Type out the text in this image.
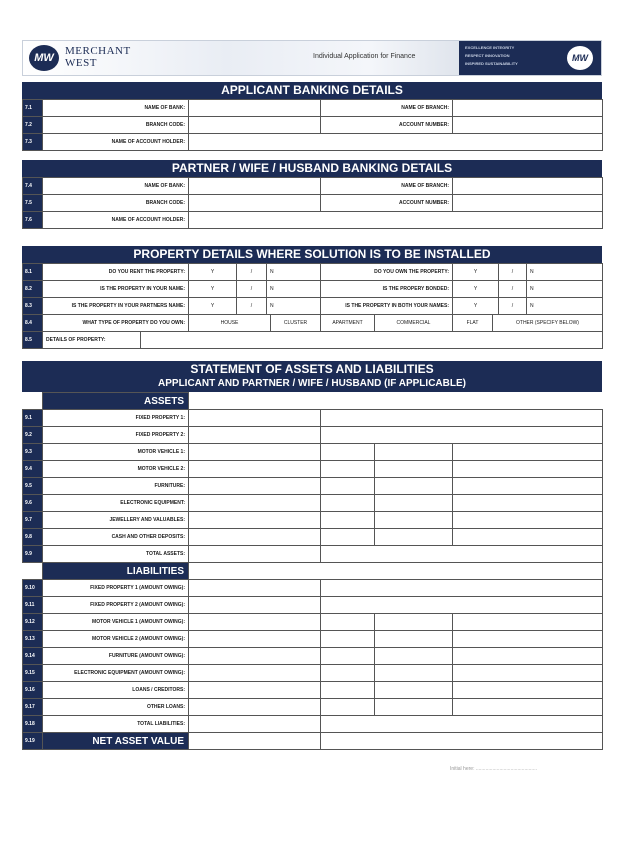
MW
MERCHANT
WEST
Individual Application for Finance
EXCELLENCE INTEGRITY
RESPECT INNOVATION
INSPIRED SUSTAINABILITY
MW
APPLICANT BANKING DETAILS
7.1	NAME OF BANK:		NAME OF BRANCH:	
7.2	BRANCH CODE:		ACCOUNT NUMBER:	
7.3	NAME OF ACCOUNT HOLDER:			
PARTNER / WIFE / HUSBAND BANKING DETAILS
7.4	NAME OF BANK:		NAME OF BRANCH:	
7.5	BRANCH CODE:		ACCOUNT NUMBER:	
7.6	NAME OF ACCOUNT HOLDER:			
PROPERTY DETAILS WHERE SOLUTION IS TO BE INSTALLED
8.1	DO YOU RENT THE PROPERTY:	Y	/	N	DO YOU OWN THE PROPERTY:	Y	/	N
8.2	IS THE PROPERTY IN YOUR NAME:	Y	/	N	IS THE PROPERY BONDED:	Y	/	N
8.3	IS THE PROPERTY IN YOUR PARTNERS NAME:	Y	/	N	IS THE PROPERTY IN BOTH YOUR NAMES:	Y	/	N
8.4	WHAT TYPE OF PROPERTY DO YOU OWN:	HOUSE	CLUSTER	APARTMENT	COMMERCIAL	FLAT	OTHER (SPECIFY BELOW)
8.5	DETAILS OF PROPERTY:	
STATEMENT OF ASSETS AND LIABILITIES
APPLICANT AND PARTNER / WIFE / HUSBAND (IF APPLICABLE)
	ASSETS				
9.1	FIXED PROPERTY 1:				
9.2	FIXED PROPERTY 2:				
9.3	MOTOR VEHICLE 1:				
9.4	MOTOR VEHICLE 2:				
9.5	FURNITURE:				
9.6	ELECTRONIC EQUIPMENT:				
9.7	JEWELLERY AND VALUABLES:				
9.8	CASH AND OTHER DEPOSITS:				
9.9	TOTAL ASSETS:				
	LIABILITIES				
9.10	FIXED PROPERTY 1 (AMOUNT OWING):				
9.11	FIXED PROPERTY 2 (AMOUNT OWING):				
9.12	MOTOR VEHICLE 1 (AMOUNT OWING):				
9.13	MOTOR VEHICLE 2 (AMOUNT OWING):				
9.14	FURNITURE (AMOUNT OWING):				
9.15	ELECTRONIC EQUIPMENT (AMOUNT OWING):				
9.16	LOANS / CREDITORS:				
9.17	OTHER LOANS:				
9.18	TOTAL LIABILITIES:				
9.19	NET ASSET VALUE				
Initial here: ............................................
